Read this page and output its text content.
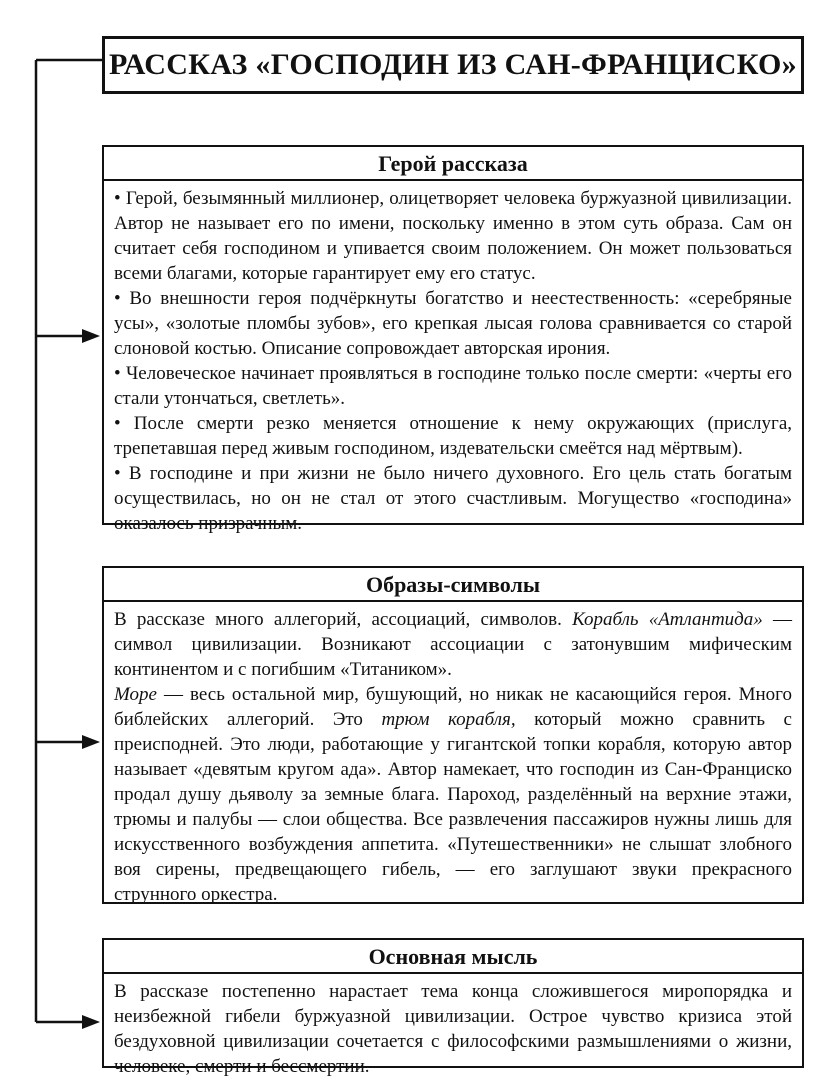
РАССКАЗ «ГОСПОДИН ИЗ САН-ФРАНЦИСКО»
Герой рассказа

• Герой, безымянный миллионер, олицетворяет человека буржуазной цивилизации. Автор не называет его по имени, поскольку именно в этом суть образа. Сам он считает себя господином и упивается своим положением. Он может пользоваться всеми благами, которые гарантирует ему его статус.

• Во внешности героя подчёркнуты богатство и неестественность: «серебряные усы», «золотые пломбы зубов», его крепкая лысая голова сравнивается со старой слоновой костью. Описание сопровождает авторская ирония.

• Человеческое начинает проявляться в господине только после смерти: «черты его стали утончаться, светлеть».

• После смерти резко меняется отношение к нему окружающих (прислуга, трепетавшая перед живым господином, издевательски смеётся над мёртвым).

• В господине и при жизни не было ничего духовного. Его цель стать богатым осуществилась, но он не стал от этого счастливым. Могущество «господина» оказалось призрачным.

Образы-символы

В рассказе много аллегорий, ассоциаций, символов. Корабль «Атлантида» — символ цивилизации. Возникают ассоциации с затонувшим мифическим континентом и с погибшим «Титаником».

Море — весь остальной мир, бушующий, но никак не касающийся героя. Много библейских аллегорий. Это трюм корабля, который можно сравнить с преисподней. Это люди, работающие у гигантской топки корабля, которую автор называет «девятым кругом ада». Автор намекает, что господин из Сан-Франциско продал душу дьяволу за земные блага. Пароход, разделённый на верхние этажи, трюмы и палубы — слои общества. Все развлечения пассажиров нужны лишь для искусственного возбуждения аппетита. «Путешественники» не слышат злобного воя сирены, предвещающего гибель, — его заглушают звуки прекрасного струнного оркестра.

Основная мысль

В рассказе постепенно нарастает тема конца сложившегося миропорядка и неизбежной гибели буржуазной цивилизации. Острое чувство кризиса этой бездуховной цивилизации сочетается с философскими размышлениями о жизни, человеке, смерти и бессмертии.
